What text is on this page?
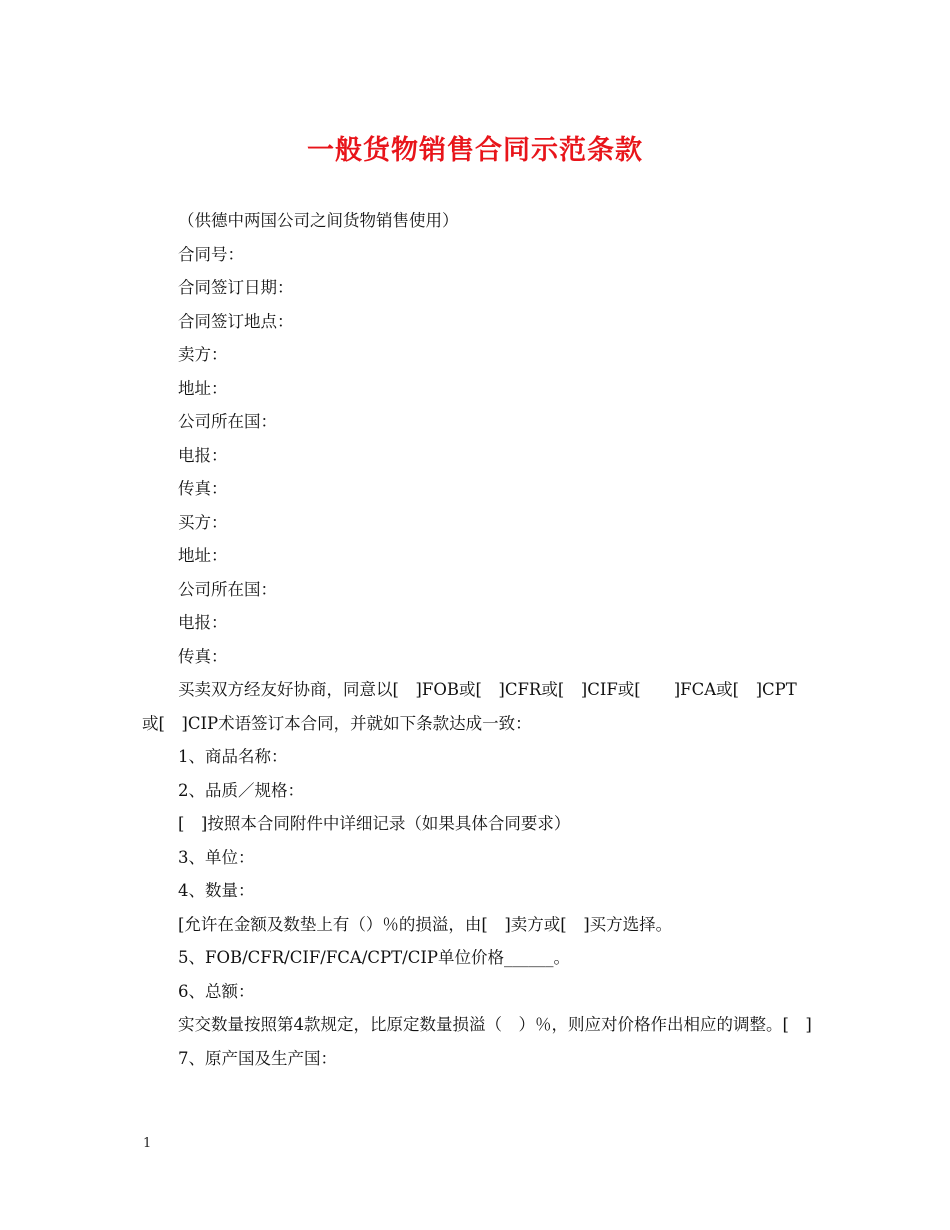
一般货物销售合同示范条款

（供德中两国公司之间货物销售使用）

合同号：

合同签订日期：

合同签订地点：

卖方：

地址：

公司所在国：

电报：

传真：

买方：

地址：

公司所在国：

电报：

传真：

买卖双方经友好协商，同意以[　]FOB或[　]CFR或[　]CIF或[　　]FCA或[　]CPT或[　]CIP术语签订本合同，并就如下条款达成一致：

1、商品名称：

2、品质／规格：

[　]按照本合同附件中详细记录（如果具体合同要求）

3、单位：

4、数量：

[允许在金额及数垫上有（）％的损溢，由[　]卖方或[　]买方选择。

5、FOB/CFR/CIF/FCA/CPT/CIP单位价格______。

6、总额：

实交数量按照第4款规定，比原定数量损溢（　）％，则应对价格作出相应的调整。[　]

7、原产国及生产国：

1
